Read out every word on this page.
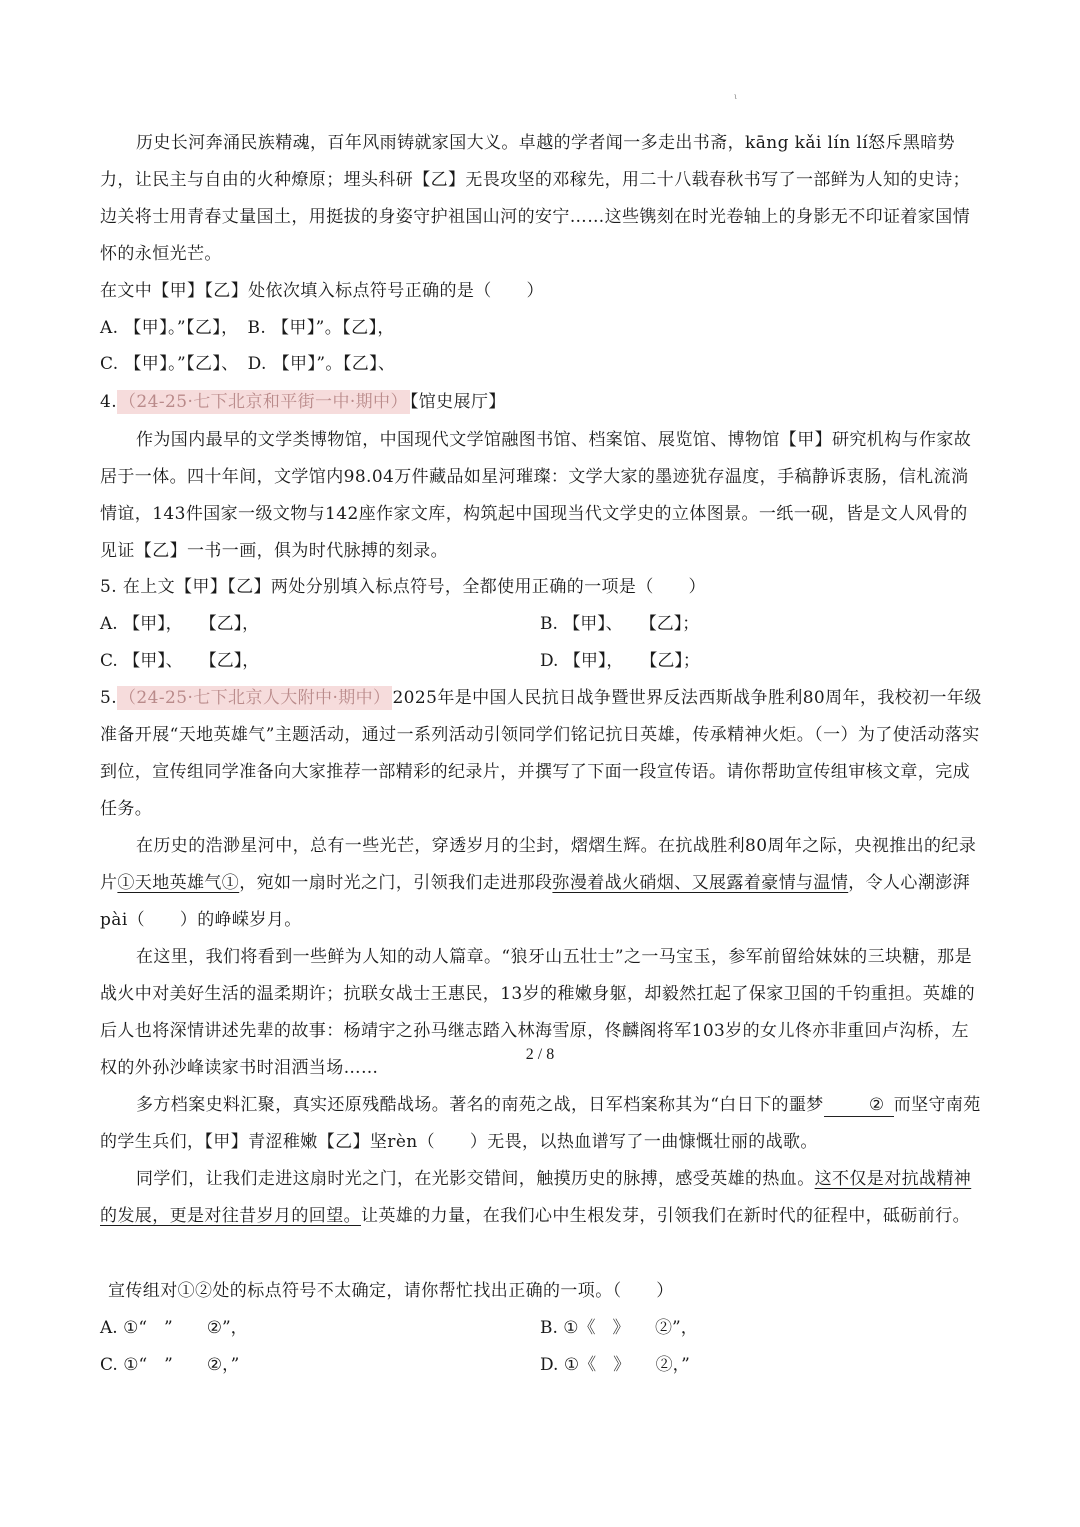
ι

历史长河奔涌民族精魂，百年风雨铸就家国大义。卓越的学者闻一多走出书斋，kāng kǎi lín lí怒斥黑暗势力，让民主与自由的火种燎原；埋头科研【乙】无畏攻坚的邓稼先，用二十八载春秋书写了一部鲜为人知的史诗；边关将士用青春丈量国土，用挺拔的身姿守护祖国山河的安宁……这些镌刻在时光卷轴上的身影无不印证着家国情怀的永恒光芒。

在文中【甲】【乙】处依次填入标点符号正确的是（　　）
A. 【甲】。”【乙】，　B. 【甲】”。【乙】，
C. 【甲】。”【乙】、　D. 【甲】”。【乙】、
4. （24-25·七下北京和平街一中·期中） 【馆史展厅】

作为国内最早的文学类博物馆，中国现代文学馆融图书馆、档案馆、展览馆、博物馆【甲】研究机构与作家故居于一体。四十年间，文学馆内98.04万件藏品如星河璀璨：文学大家的墨迹犹存温度，手稿静诉衷肠，信札流淌情谊，143件国家一级文物与142座作家文库，构筑起中国现当代文学史的立体图景。一纸一砚，皆是文人风骨的见证【乙】一书一画，俱为时代脉搏的刻录。

5. 在上文【甲】【乙】两处分别填入标点符号，全都使用正确的一项是（　　）
A. 【甲】，　　【乙】，	B. 【甲】、　　【乙】；
C. 【甲】、　　【乙】，	D. 【甲】，　　【乙】；

5. （24-25·七下北京人大附中·期中） 2025年是中国人民抗日战争暨世界反法西斯战争胜利80周年，我校初一年级准备开展“天地英雄气”主题活动，通过一系列活动引领同学们铭记抗日英雄，传承精神火炬。（一）为了使活动落实到位，宣传组同学准备向大家推荐一部精彩的纪录片，并撰写了下面一段宣传语。请你帮助宣传组审核文章，完成任务。

在历史的浩渺星河中，总有一些光芒，穿透岁月的尘封，熠熠生辉。在抗战胜利80周年之际，央视推出的纪录片①天地英雄气①，宛如一扇时光之门，引领我们走进那段弥漫着战火硝烟、又展露着豪情与温情，令人心潮澎湃pài（　　）的峥嵘岁月。

在这里，我们将看到一些鲜为人知的动人篇章。“狼牙山五壮士”之一马宝玉，参军前留给妹妹的三块糖，那是战火中对美好生活的温柔期许；抗联女战士王惠民，13岁的稚嫩身躯，却毅然扛起了保家卫国的千钧重担。英雄的后人也将深情讲述先辈的故事：杨靖宇之孙马继志踏入林海雪原，佟麟阁将军103岁的女儿佟亦非重回卢沟桥，左权的外孙沙峰读家书时泪洒当场……

多方档案史料汇聚，真实还原残酷战场。著名的南苑之战，日军档案称其为“白日下的噩梦	② 而坚守南苑的学生兵们，【甲】青涩稚嫩【乙】坚rèn（　　）无畏，以热血谱写了一曲慷慨壮丽的战歌。

同学们，让我们走进这扇时光之门，在光影交错间，触摸历史的脉搏，感受英雄的热血。这不仅是对抗战精神的发展，更是对往昔岁月的回望。让英雄的力量，在我们心中生根发芽，引领我们在新时代的征程中，砥砺前行。

宣传组对①②处的标点符号不太确定，请你帮忙找出正确的一项。（　　）
A. ①“　”　　②”，	B. ①《　》　　②”，
C. ①“　”　　②，”	D. ①《　》　　②，”
2 / 8
